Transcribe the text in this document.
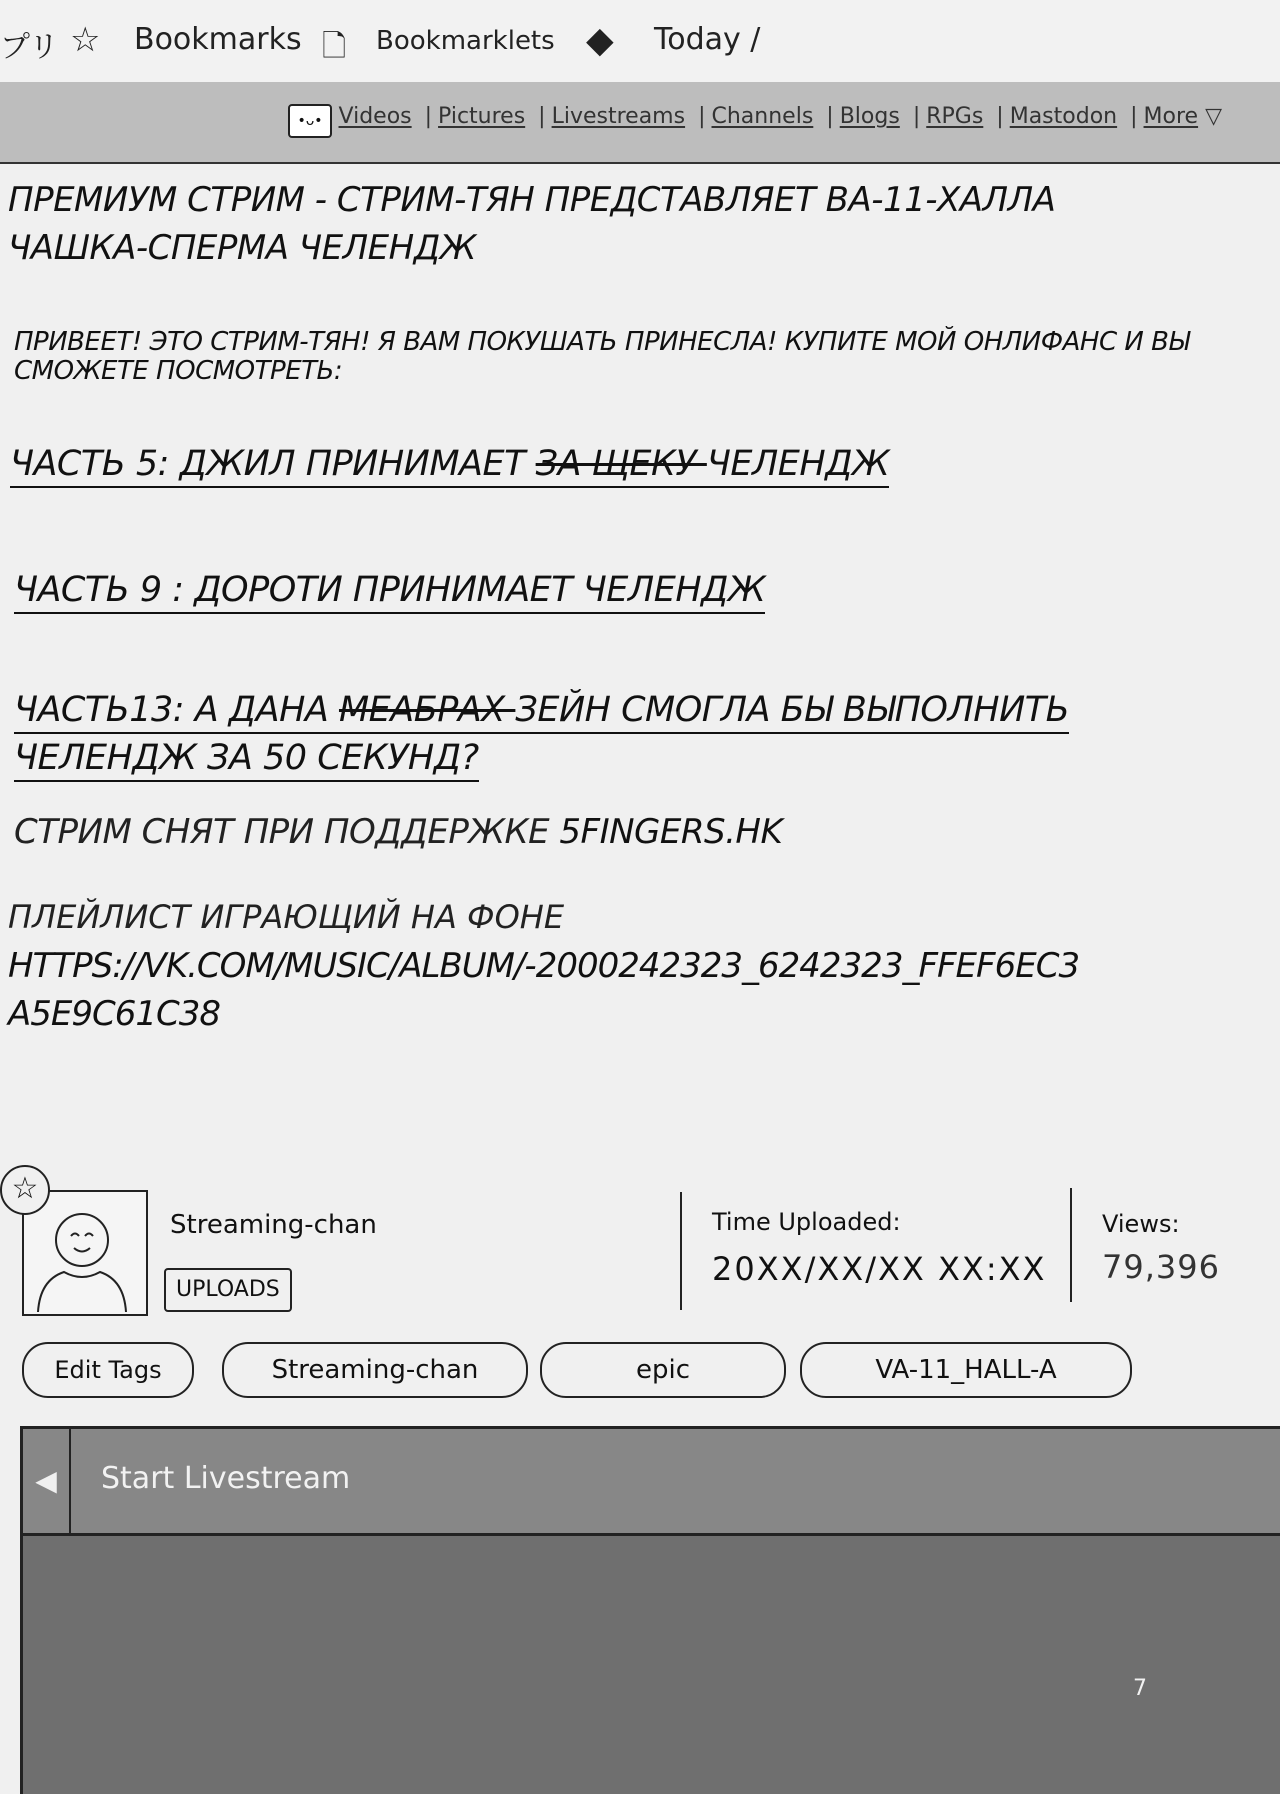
プリ ☆ Bookmarks 🗋 Bookmarklets ◆ Today /
Videos | Pictures | Livestreams | Channels | Blogs | RPGs | Mastodon | More ▽
•ᴗ•
ПРЕМИУМ СТРИМ - СТРИМ-ТЯН ПРЕДСТАВЛЯЕТ ВА-11-ХАЛЛА
ЧАШКА-СПЕРМА ЧЕЛЕНДЖ
ПРИВЕЕТ! ЭТО СТРИМ-ТЯН! Я ВАМ ПОКУШАТЬ ПРИНЕСЛА! КУПИТЕ МОЙ ОНЛИФАНС И ВЫ
СМОЖЕТЕ ПОСМОТРЕТЬ:
ЧАСТЬ 5: ДЖИЛ ПРИНИМАЕТ ЗА ЩЕКУ ЧЕЛЕНДЖ
ЧАСТЬ 9 : ДОРОТИ ПРИНИМАЕТ ЧЕЛЕНДЖ
ЧАСТЬ13: А ДАНА МЕАБРАХ ЗЕЙН СМОГЛА БЫ ВЫПОЛНИТЬ
ЧЕЛЕНДЖ ЗА 50 СЕКУНД?
СТРИМ СНЯТ ПРИ ПОДДЕРЖКЕ 5FINGERS.HK
ПЛЕЙЛИСТ ИГРАЮЩИЙ НА ФОНЕ
HTTPS://VK.COM/MUSIC/ALBUM/-2000242323_6242323_FFEF6EC3
A5E9C61C38
☆
Streaming-chan
UPLOADS
Time Uploaded:
20XX/XX/XX XX:XX
Views:
79,396
Edit Tags	Streaming-chan	epic	VA-11_HALL-A
◀	Start Livestream
7
